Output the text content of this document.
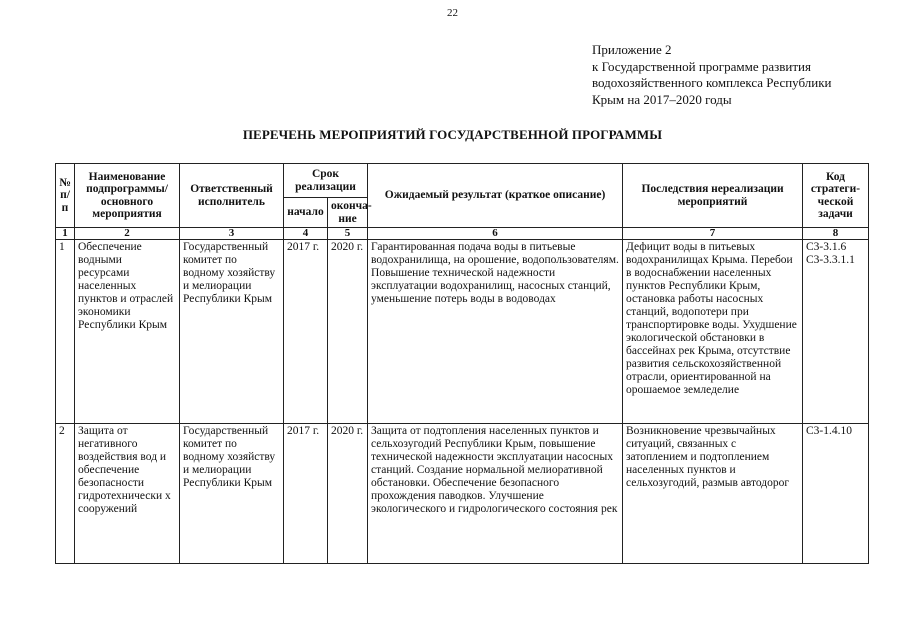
22
Приложение 2
к Государственной программе развития
водохозяйственного комплекса Республики
Крым на 2017–2020 годы
ПЕРЕЧЕНЬ МЕРОПРИЯТИЙ ГОСУДАРСТВЕННОЙ ПРОГРАММЫ
№ п/п	Наименование подпрограммы/ основного мероприятия	Ответственный исполнитель	Срок реализации		Ожидаемый результат (краткое описание)	Последствия нереализации мероприятий	Код стратеги-ческой задачи
			начало	оконча-ние			
1	2	3	4	5	6	7	8
1	Обеспечение водными ресурсами населенных пунктов и отраслей экономики Республики Крым	Государственный комитет по водному хозяйству и мелиорации Республики Крым	2017 г.	2020 г.	Гарантированная подача воды в питьевые водохранилища, на орошение, водопользователям. Повышение технической надежности эксплуатации водохранилищ, насосных станций, уменьшение потерь воды в водоводах	Дефицит воды в питьевых водохранилищах Крыма. Перебои в водоснабжении населенных пунктов Республики Крым, остановка работы насосных станций, водопотери при транспортировке воды. Ухудшение экологической обстановки в бассейнах рек Крыма, отсутствие развития сельскохозяйственной отрасли, ориентированной на орошаемое земледелие	С3-3.1.6
С3-3.3.1.1

2	Защита от негативного воздействия вод и обеспечение безопасности гидротехнически х сооружений	Государственный комитет по водному хозяйству и мелиорации Республики Крым	2017 г.	2020 г.	Защита от подтопления населенных пунктов и сельхозугодий Республики Крым, повышение технической надежности эксплуатации насосных станций. Создание нормальной мелиоративной обстановки. Обеспечение безопасного прохождения паводков. Улучшение экологического и гидрологического состояния рек	Возникновение чрезвычайных ситуаций, связанных с затоплением и подтоплением населенных пунктов и сельхозугодий, размыв автодорог	С3-1.4.10
